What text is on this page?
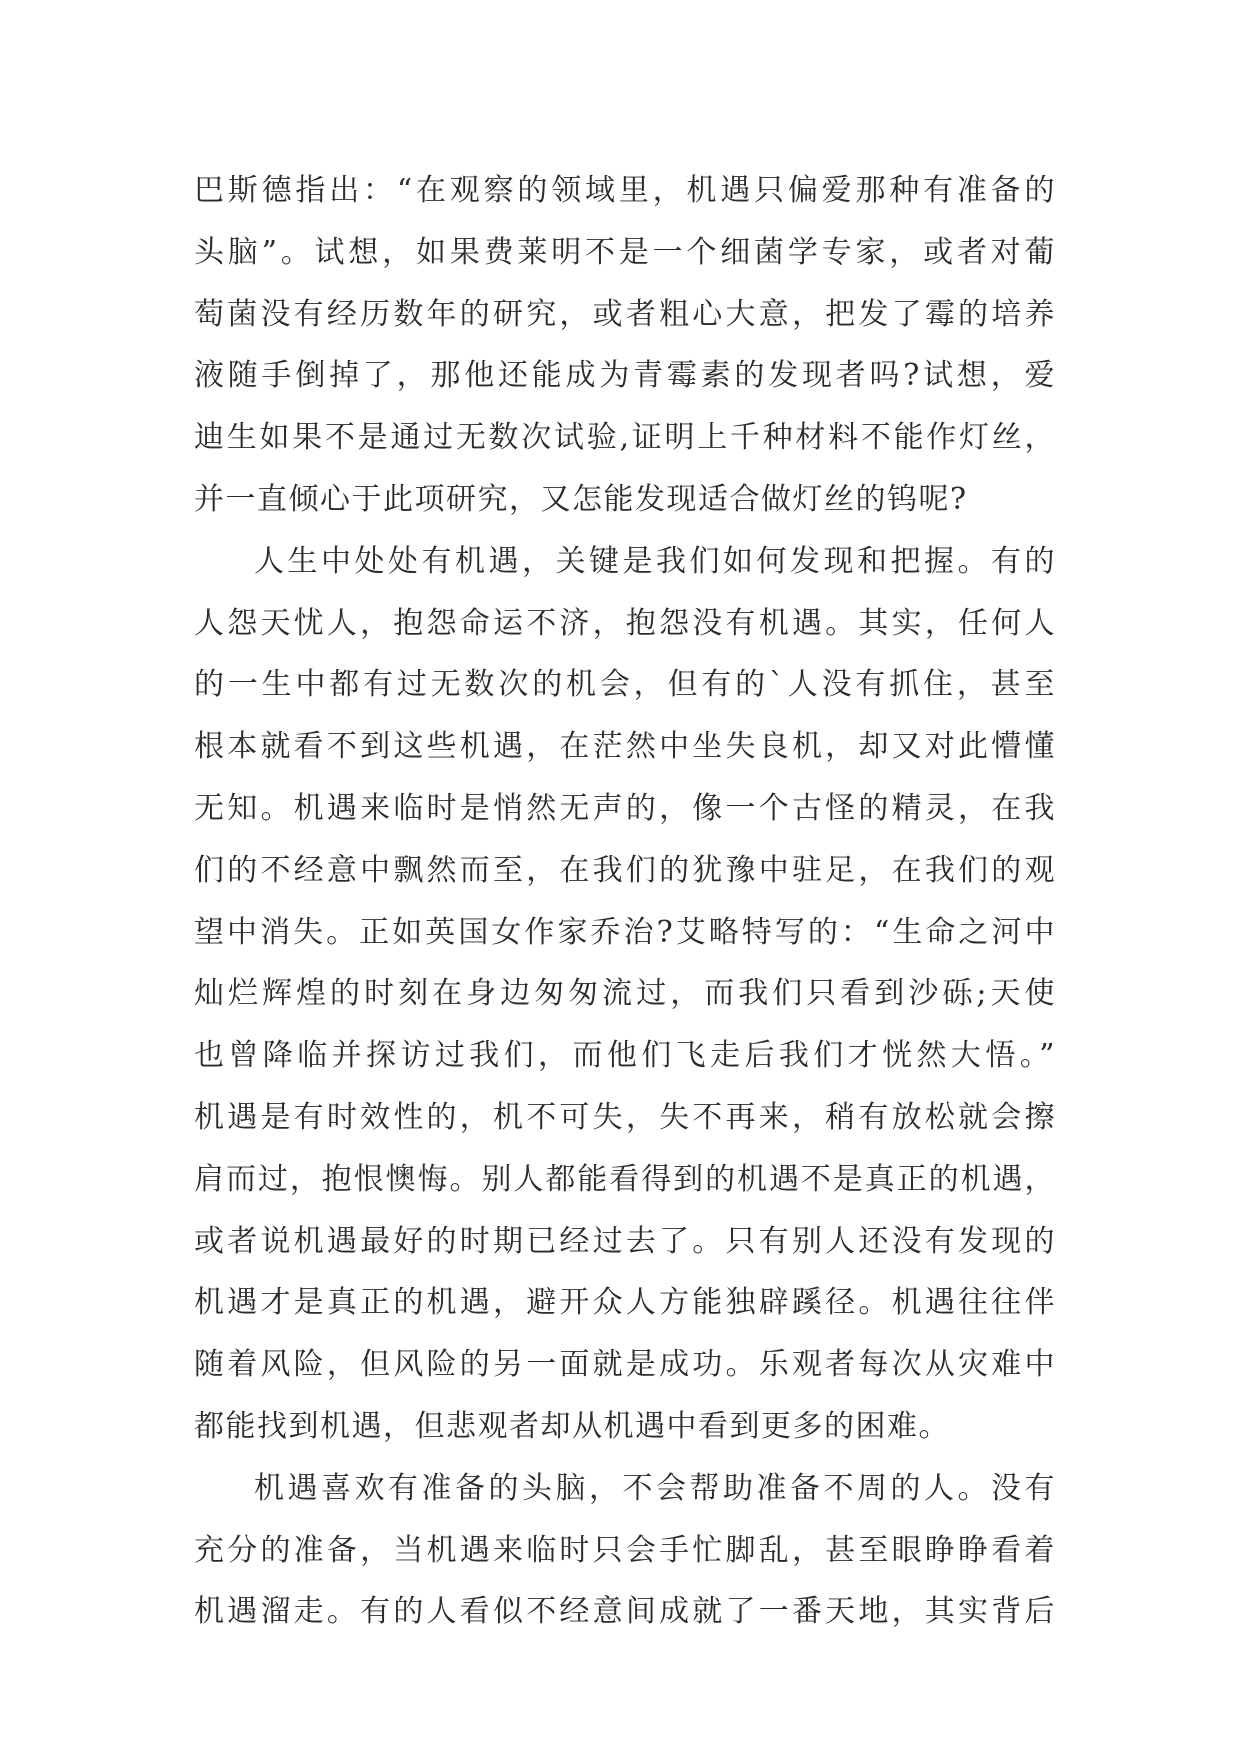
巴斯德指出：“在观察的领域里，机遇只偏爱那种有准备的
头脑”。试想，如果费莱明不是一个细菌学专家，或者对葡
萄菌没有经历数年的研究，或者粗心大意，把发了霉的培养
液随手倒掉了，那他还能成为青霉素的发现者吗?试想，爱
迪生如果不是通过无数次试验,证明上千种材料不能作灯丝，
并一直倾心于此项研究，又怎能发现适合做灯丝的钨呢?
人生中处处有机遇，关键是我们如何发现和把握。有的
人怨天忧人，抱怨命运不济，抱怨没有机遇。其实，任何人
的一生中都有过无数次的机会，但有的`人没有抓住，甚至
根本就看不到这些机遇，在茫然中坐失良机，却又对此懵懂
无知。机遇来临时是悄然无声的，像一个古怪的精灵，在我
们的不经意中飘然而至，在我们的犹豫中驻足，在我们的观
望中消失。正如英国女作家乔治?艾略特写的：“生命之河中
灿烂辉煌的时刻在身边匆匆流过，而我们只看到沙砾;天使
也曾降临并探访过我们，而他们飞走后我们才恍然大悟。”
机遇是有时效性的，机不可失，失不再来，稍有放松就会擦
肩而过，抱恨懊悔。别人都能看得到的机遇不是真正的机遇，
或者说机遇最好的时期已经过去了。只有别人还没有发现的
机遇才是真正的机遇，避开众人方能独辟蹊径。机遇往往伴
随着风险，但风险的另一面就是成功。乐观者每次从灾难中
都能找到机遇，但悲观者却从机遇中看到更多的困难。
机遇喜欢有准备的头脑，不会帮助准备不周的人。没有
充分的准备，当机遇来临时只会手忙脚乱，甚至眼睁睁看着
机遇溜走。有的人看似不经意间成就了一番天地，其实背后
